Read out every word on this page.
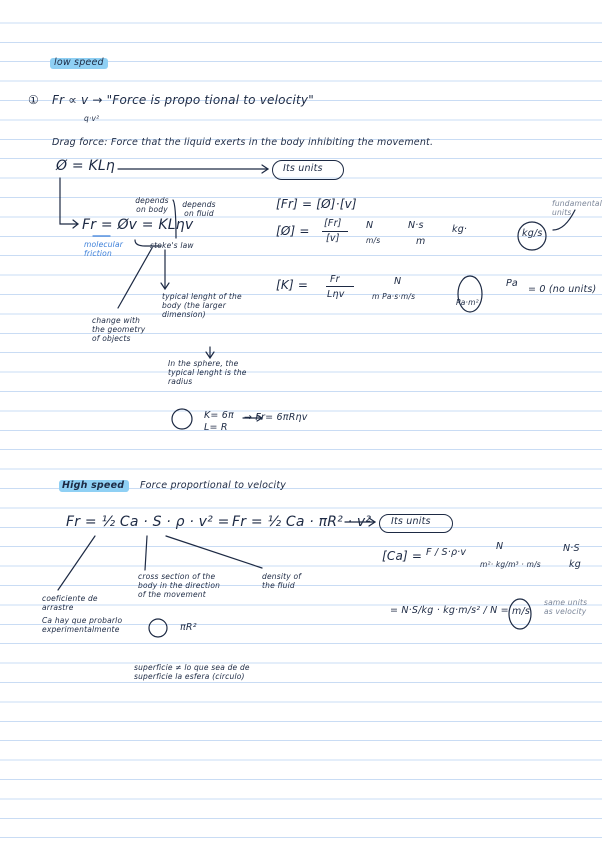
low speed
① Fr ∝ v → "Force is propo tional to velocity"
q·v²
Drag force: Force that the liquid exerts in the body inhibiting the movement.
Ø = KLη	Its units
depends on body
depends on fluid
Fr = Øv = KLηv
molecular friction
stoke's law
change with the geometry of objects
typical lenght of the body (the larger dimension)
In the sphere, the typical lenght is the radius
K= 6π
L= R
→ Fr= 6πRηv
[Fr] = [Ø]·[v]
[Ø] =
[Fr]
[v]
N
m/s
N·s
m
kg·	kg/s
fundamental units
[K] = Fr
Lηv
N
m Pa·s·m/s
Pa
Pa·m²
= 0 (no units)
High speed Force proportional to velocity
Fr = ½ Ca · S · ρ · v² = Fr = ½ Ca · πR² · v² Its units
coeficiente de arrastre
Ca hay que probarlo experimentalmente
cross section of the body in the direction of the movement
density of the fluid
πR²
superficie ≠ lo que sea de de superficie la esfera (circulo)
[Ca] = F / S·ρ·v
N
m²· kg/m³ · m/s
N·S
kg
= N·S/kg · kg·m/s² / N = m/s
same units as velocity
